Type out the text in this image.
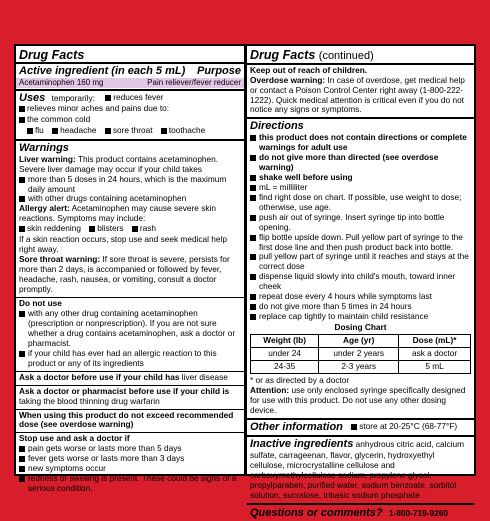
Drug Facts
Active ingredient (in each 5 mL) Purpose
Acetaminophen 160 mg	Pain reliever/fever reducer
Uses temporarily: reduces fever
relieves minor aches and pains due to:

the common cold
flu
headache
sore throat
toothache
Warnings
Liver warning: This product contains acetaminophen. Severe liver damage may occur if your child takes
more than 5 doses in 24 hours, which is the maximum daily amount
with other drugs containing acetaminophen
Allergy alert: Acetaminophen may cause severe skin reactions. Symptoms may include:
skin reddening
blisters
rash
If a skin reaction occurs, stop use and seek medical help right away.
Sore throat warning: If sore throat is severe, persists for more than 2 days, is accompanied or followed by fever, headache, rash, nausea, or vomiting, consult a doctor promptly.
Do not use
with any other drug containing acetaminophen (prescription or nonprescription). If you are not sure whether a drug contains acetaminophen, ask a doctor or pharmacist.
if your child has ever had an allergic reaction to this product or any of its ingredients
Ask a doctor before use if your child has liver disease
Ask a doctor or pharmacist before use if your child is taking the blood thinning drug warfarin
When using this product do not exceed recommended dose (see overdose warning)
Stop use and ask a doctor if
pain gets worse or lasts more than 5 days
fever gets worse or lasts more than 3 days
new symptoms occur
redness or swelling is present. These could be signs of a serious condition.
Drug Facts (continued)
Keep out of reach of children.
Overdose warning: In case of overdose, get medical help or contact a Poison Control Center right away (1-800-222-1222). Quick medical attention is critical even if you do not notice any signs or symptoms.
Directions
this product does not contain directions or complete warnings for adult use
do not give more than directed (see overdose warning)
shake well before using
mL = milliliter
find right dose on chart. If possible, use weight to dose; otherwise, use age.
push air out of syringe. Insert syringe tip into bottle opening.
flip bottle upside down. Pull yellow part of syringe to the first dose line and then push product back into bottle.
pull yellow part of syringe until it reaches and stays at the correct dose
dispense liquid slowly into child's mouth, toward inner cheek
repeat dose every 4 hours while symptoms last
do not give more than 5 times in 24 hours
replace cap tightly to maintain child resistance
Dosing Chart
Weight (lb)	Age (yr)	Dose (mL)*
under 24	under 2 years	ask a doctor
24-35	2-3 years	5 mL
* or as directed by a doctor
Attention: use only enclosed syringe specifically designed for use with this product. Do not use any other dosing device.
Other information store at 20-25°C (68-77°F)
Inactive ingredients anhydrous citric acid, calcium sulfate, carrageenan, flavor, glycerin, hydroxyethyl cellulose, microcrystalline cellulose and carboxymethylcellulose sodium, propylene glycol, propylparaben, purified water, sodium benzoate, sorbitol solution, sucralose, tribasic sodium phosphate
Questions or comments? 1-800-719-9260
